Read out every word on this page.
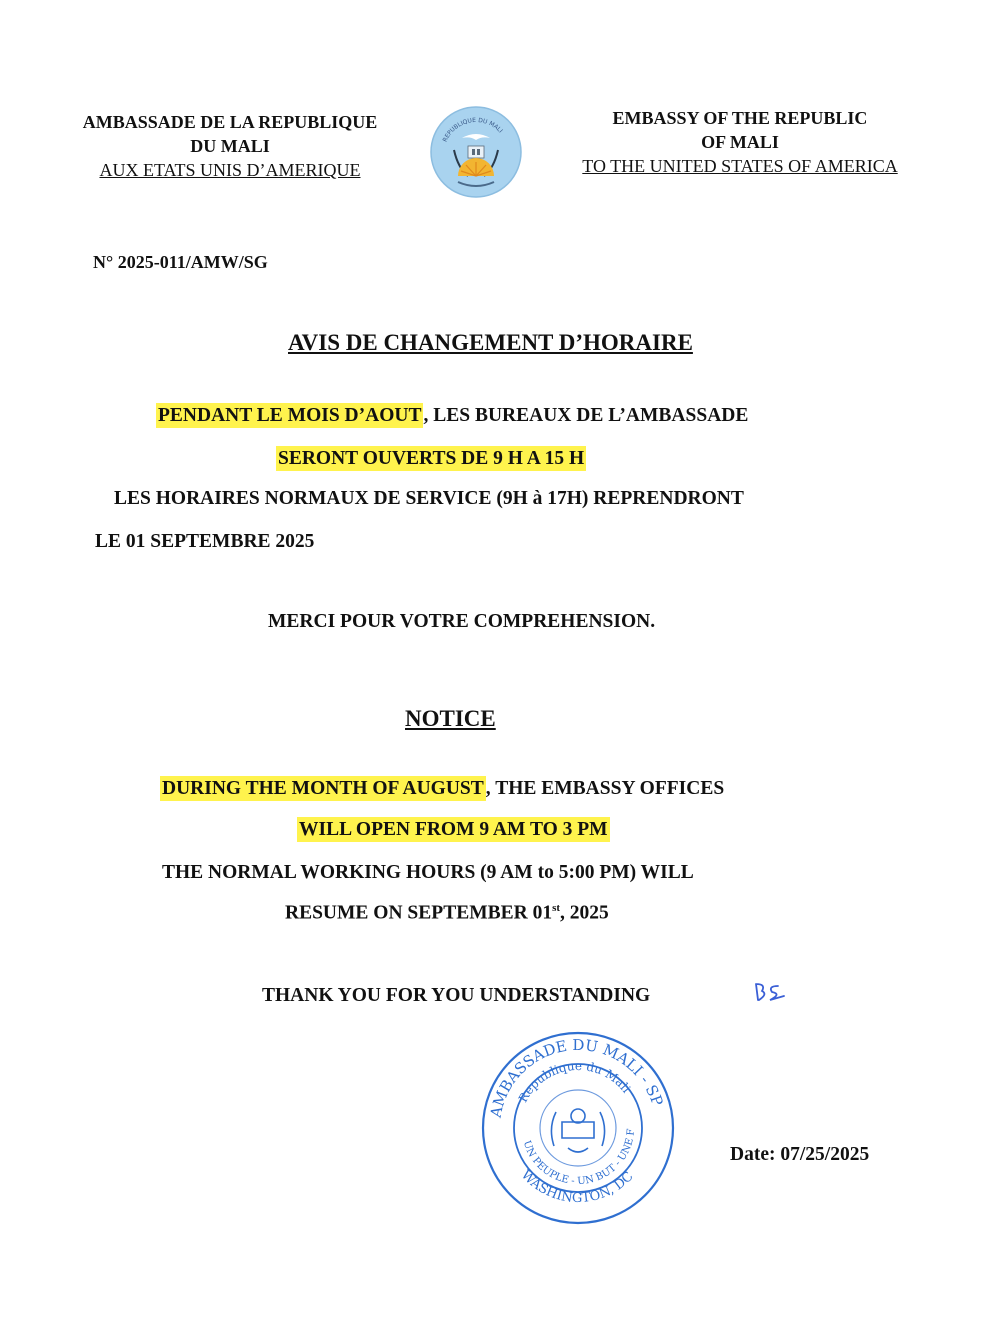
AMBASSADE DE LA REPUBLIQUE
DU MALI
AUX ETATS UNIS D’AMERIQUE
REPUBLIQUE DU MALI
EMBASSY OF THE REPUBLIC
OF MALI
TO THE UNITED STATES OF AMERICA
N° 2025-011/AMW/SG
AVIS DE CHANGEMENT D’HORAIRE
PENDANT LE MOIS D’AOUT , LES BUREAUX DE L’AMBASSADE
SERONT OUVERTS DE 9 H A 15 H
LES HORAIRES NORMAUX DE SERVICE (9H à 17H) REPRENDRONT
LE 01 SEPTEMBRE 2025
MERCI POUR VOTRE COMPREHENSION.
NOTICE
DURING THE MONTH OF AUGUST , THE EMBASSY OFFICES
WILL OPEN FROM 9 AM TO 3 PM
THE NORMAL WORKING HOURS (9 AM to 5:00 PM) WILL
RESUME ON SEPTEMBER 01st, 2025
THANK YOU FOR YOU UNDERSTANDING
AMBASSADE DU MALI - SP
WASHINGTON, DC
Republique du Mali
UN PEUPLE - UN BUT - UNE F
Date: 07/25/2025
